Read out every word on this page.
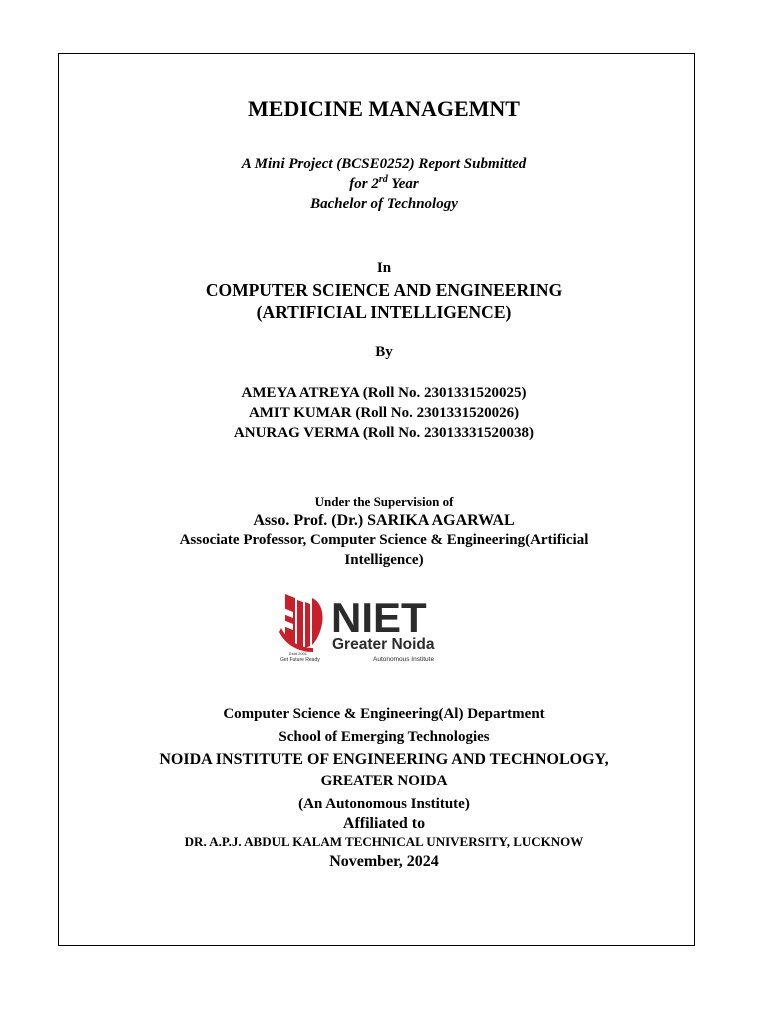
MEDICINE MANAGEMNT
A Mini Project (BCSE0252) Report Submitted
for 2rd Year
Bachelor of Technology
In
COMPUTER SCIENCE AND ENGINEERING
(ARTIFICIAL INTELLIGENCE)
By
AMEYA ATREYA (Roll No. 2301331520025)
AMIT KUMAR (Roll No. 2301331520026)
ANURAG VERMA (Roll No. 23013331520038)
Under the Supervision of
Asso. Prof. (Dr.) SARIKA AGARWAL
Associate Professor, Computer Science & Engineering(Artificial
Intelligence)
NIET
Greater Noida
Autonomous Institute
Estd.2001
Get Future Ready
Computer Science & Engineering(Al) Department
School of Emerging Technologies
NOIDA INSTITUTE OF ENGINEERING AND TECHNOLOGY,
GREATER NOIDA
(An Autonomous Institute)
Affiliated to
DR. A.P.J. ABDUL KALAM TECHNICAL UNIVERSITY, LUCKNOW
November, 2024
